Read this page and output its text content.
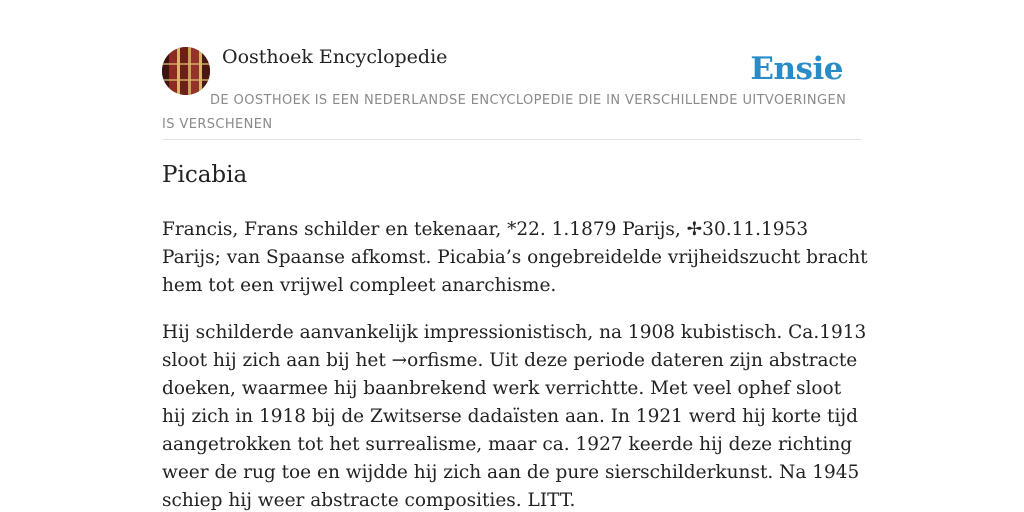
Oosthoek Encyclopedie	Ensie
DE OOSTHOEK IS EEN NEDERLANDSE ENCYCLOPEDIE DIE IN VERSCHILLENDE UITVOERINGEN IS VERSCHENEN
Picabia

Francis, Frans schilder en tekenaar, *22. 1.1879 Parijs, ✢30.11.1953 Parijs; van Spaanse afkomst. Picabia’s ongebreidelde vrijheidszucht bracht hem tot een vrijwel compleet anarchisme.

Hij schilderde aanvankelijk impressionistisch, na 1908 kubistisch. Ca.1913 sloot hij zich aan bij het →orfisme. Uit deze periode dateren zijn abstracte doeken, waarmee hij baanbrekend werk verrichtte. Met veel ophef sloot hij zich in 1918 bij de Zwitserse dadaïsten aan. In 1921 werd hij korte tijd aangetrokken tot het surrealisme, maar ca. 1927 keerde hij deze richting weer de rug toe en wijdde hij zich aan de pure sierschilderkunst. Na 1945 schiep hij weer abstracte composities. LITT.
